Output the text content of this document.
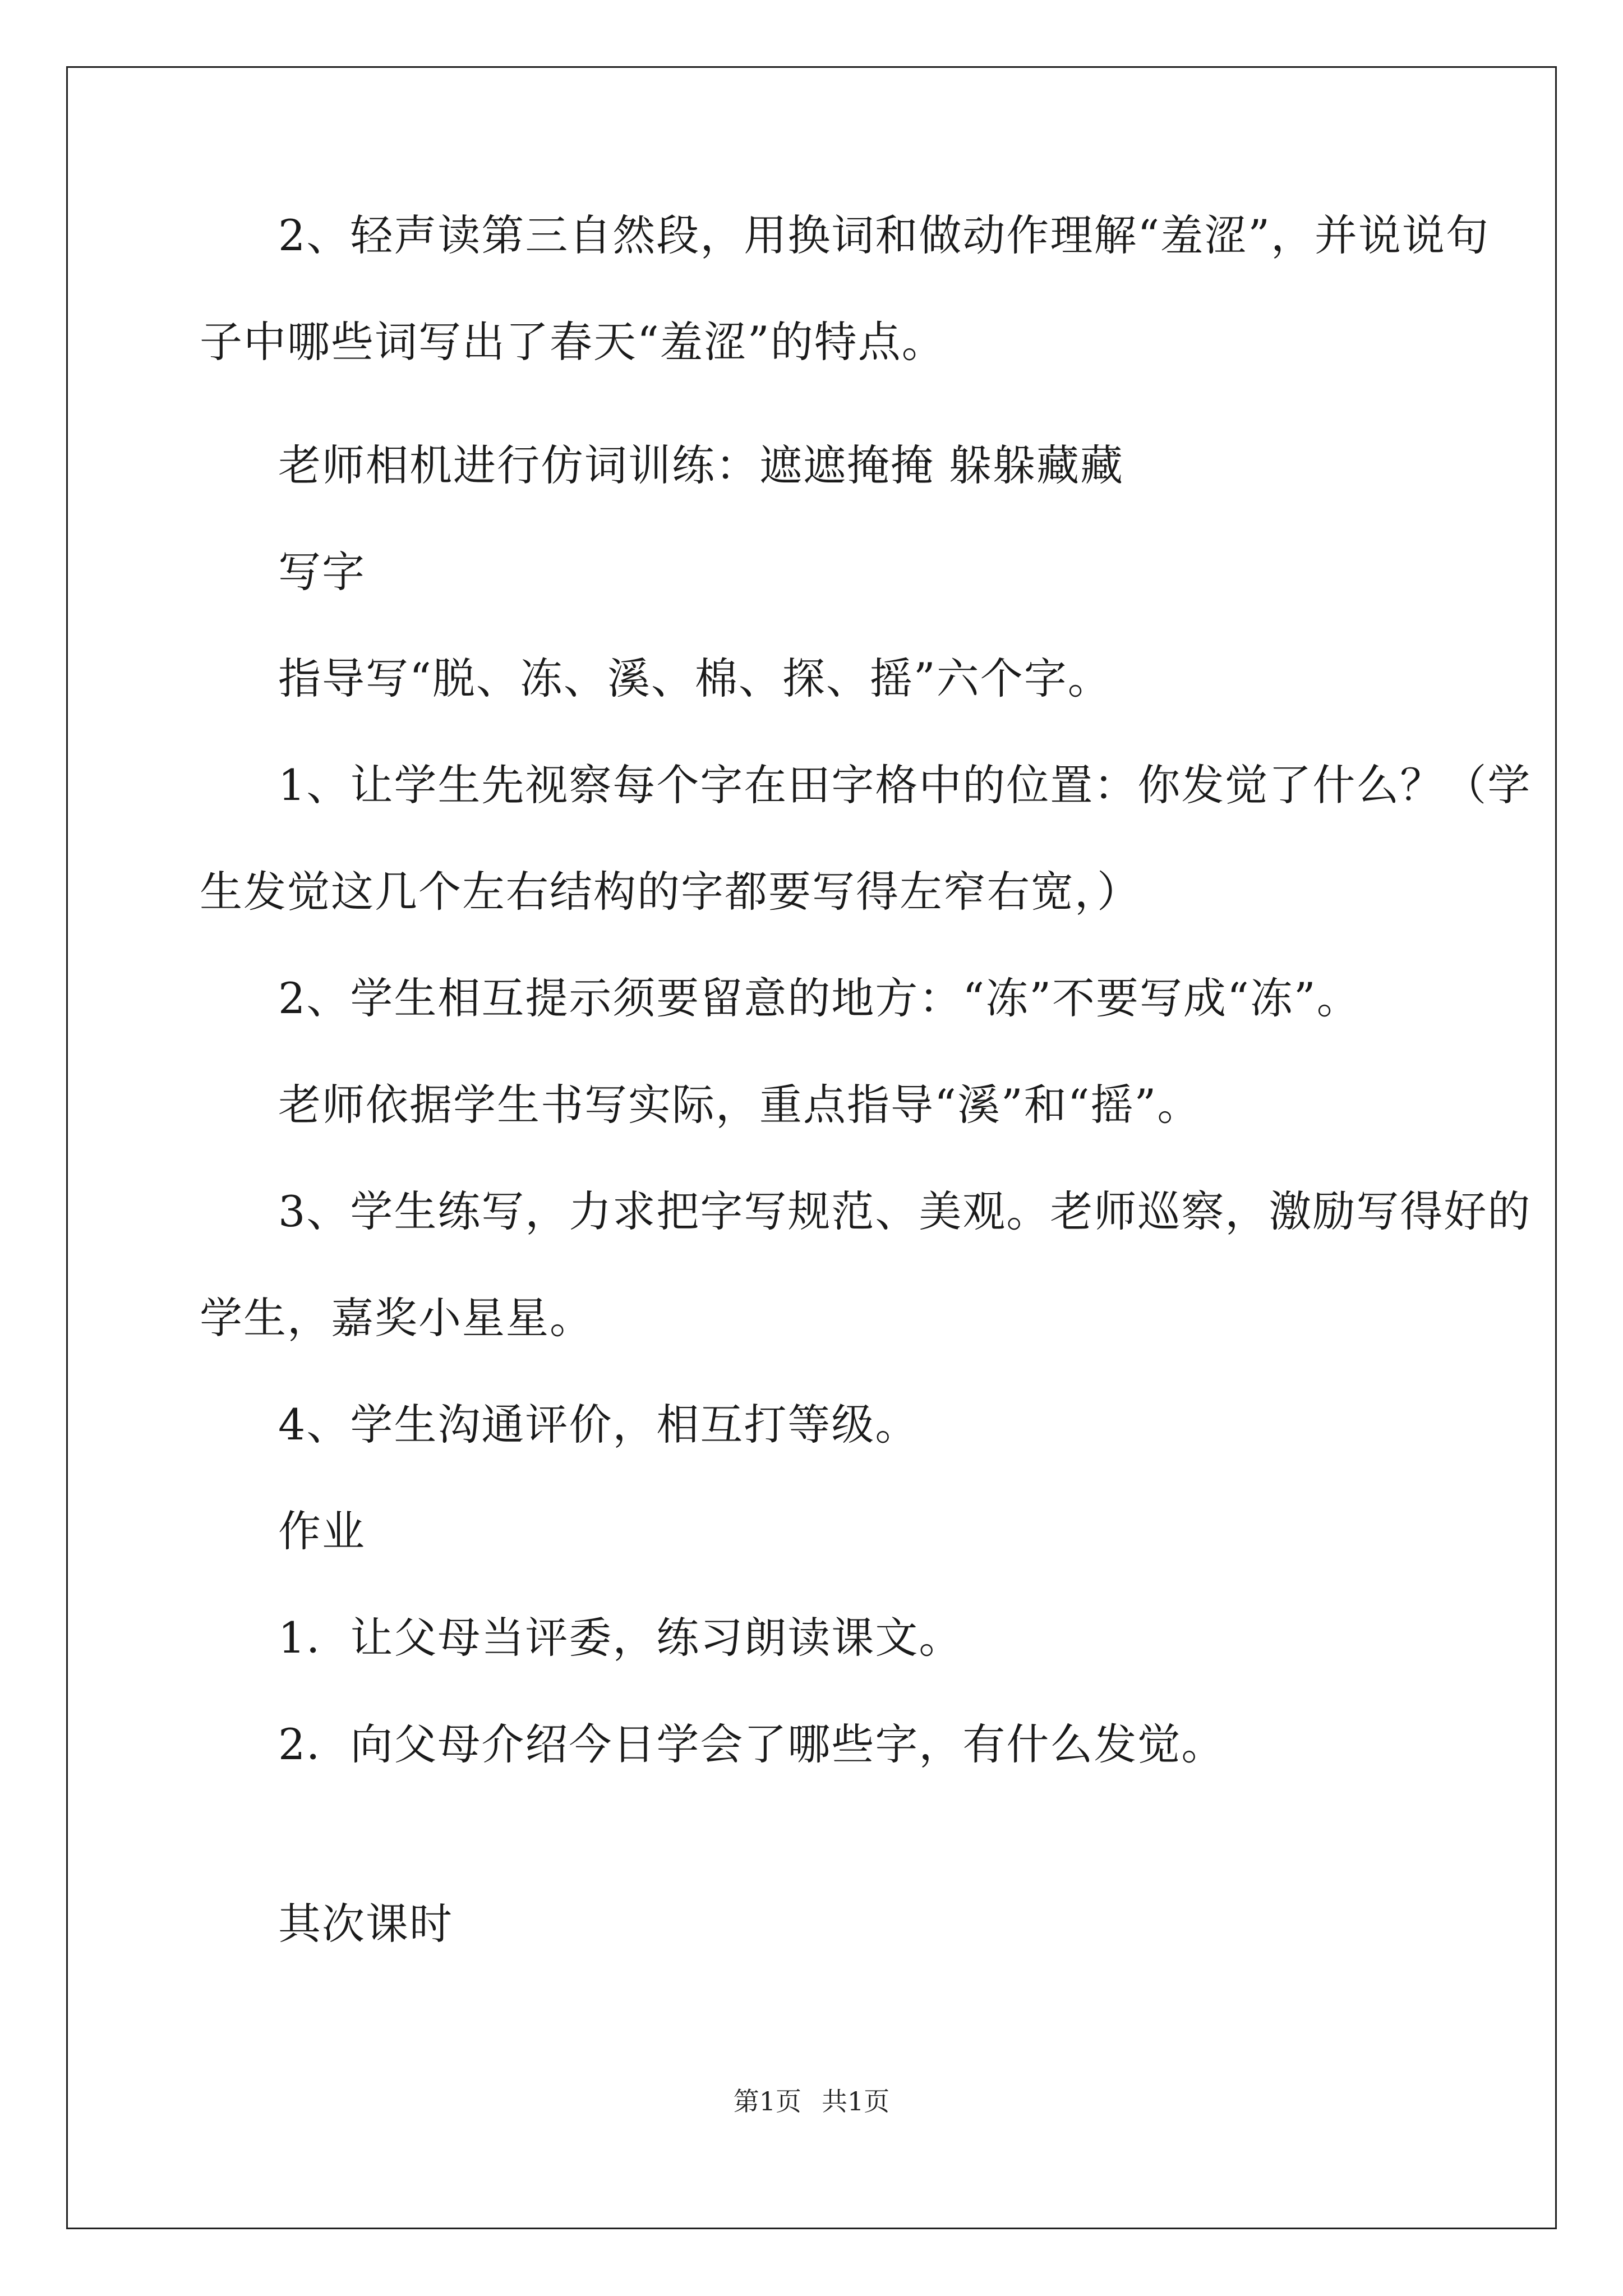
2、轻声读第三自然段，用换词和做动作理解“羞涩”，并说说句
子中哪些词写出了春天“羞涩”的特点。
老师相机进行仿词训练：遮遮掩掩 躲躲藏藏
写字
指导写“脱、冻、溪、棉、探、摇”六个字。
1、让学生先视察每个字在田字格中的位置：你发觉了什么？（学
生发觉这几个左右结构的字都要写得左窄右宽，）
2、学生相互提示须要留意的地方：“冻”不要写成“冻”。
老师依据学生书写实际，重点指导“溪”和“摇”。
3、学生练写，力求把字写规范、美观。老师巡察，激励写得好的
学生，嘉奖小星星。
4、学生沟通评价，相互打等级。
作业
1．让父母当评委，练习朗读课文。
2．向父母介绍今日学会了哪些字，有什么发觉。
其次课时
第1页 共1页
